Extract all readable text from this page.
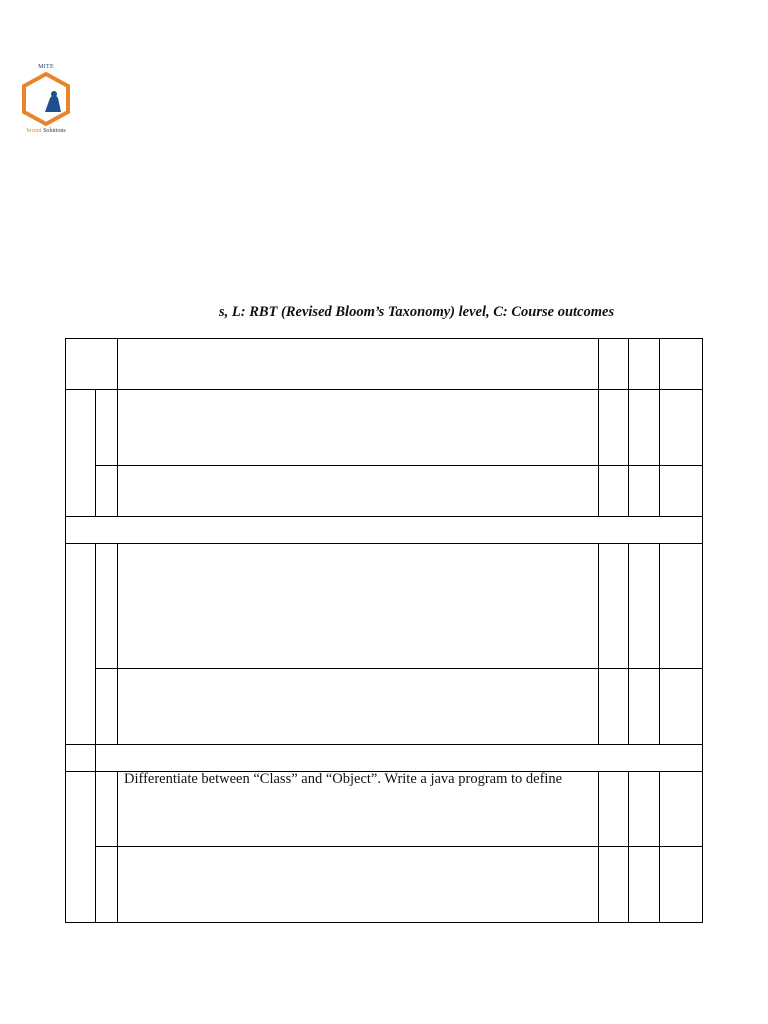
MITE
Invent Solutions
s, L: RBT (Revised Bloom’s Taxonomy) level, C: Course outcomes
Differentiate between “Class” and “Object”. Write a java program to define
